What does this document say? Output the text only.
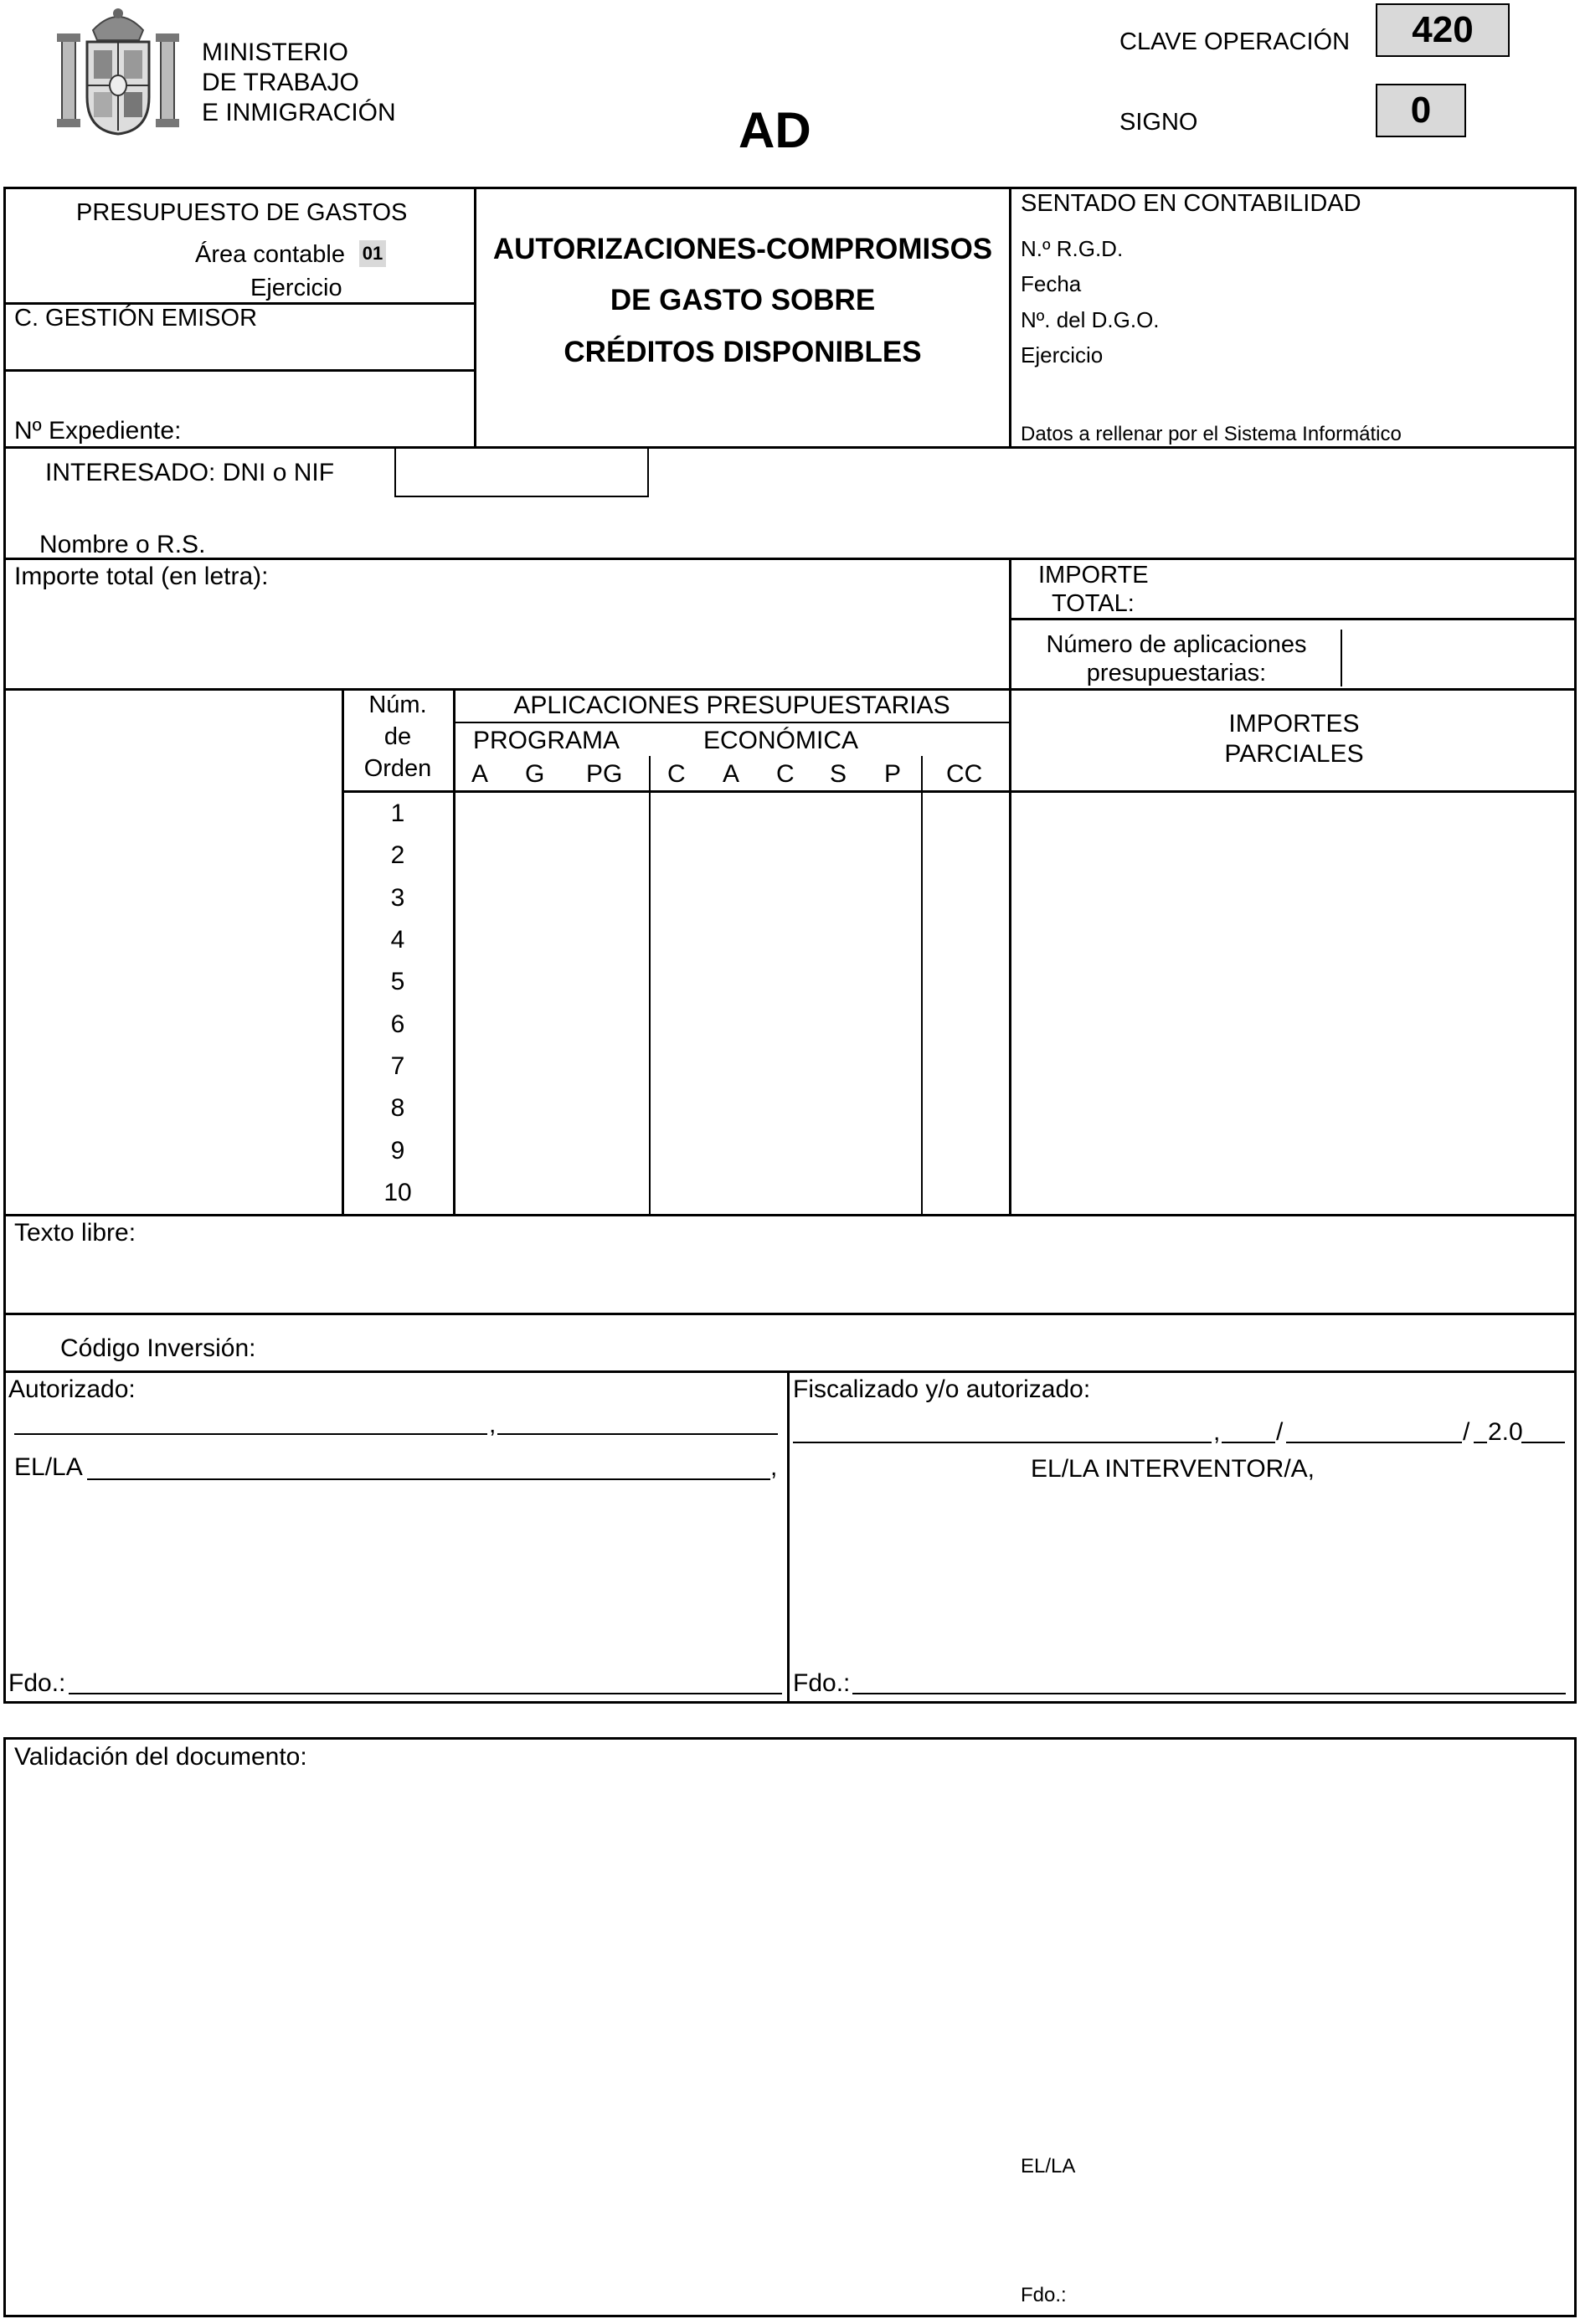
MINISTERIO
DE TRABAJO
E INMIGRACIÓN	AD
CLAVE OPERACIÓN	420
SIGNO	0
PRESUPUESTO DE GASTOS
Área contable 01
Ejercicio
C. GESTIÓN EMISOR
Nº Expediente:
AUTORIZACIONES-COMPROMISOS
DE GASTO SOBRE
CRÉDITOS DISPONIBLES
SENTADO EN CONTABILIDAD
N.º R.G.D.
Fecha
Nº. del D.G.O.
Ejercicio
Datos a rellenar por el Sistema Informático
INTERESADO: DNI o NIF
Nombre o R.S.
Importe total (en letra):	IMPORTE
TOTAL:
Número de aplicaciones
presupuestarias:
Núm.
de
Orden
APLICACIONES PRESUPUESTARIAS
PROGRAMA	ECONÓMICA
A G PG C A C S P CC
IMPORTES
PARCIALES
1
2
3
4
5
6
7
8
9
10
Texto libre:
Código Inversión:
Autorizado:
,
EL/LA	,
Fdo.:
Fiscalizado y/o autorizado:
, /	/ 2.0
EL/LA INTERVENTOR/A,
Fdo.:
Validación del documento:
EL/LA
Fdo.:
